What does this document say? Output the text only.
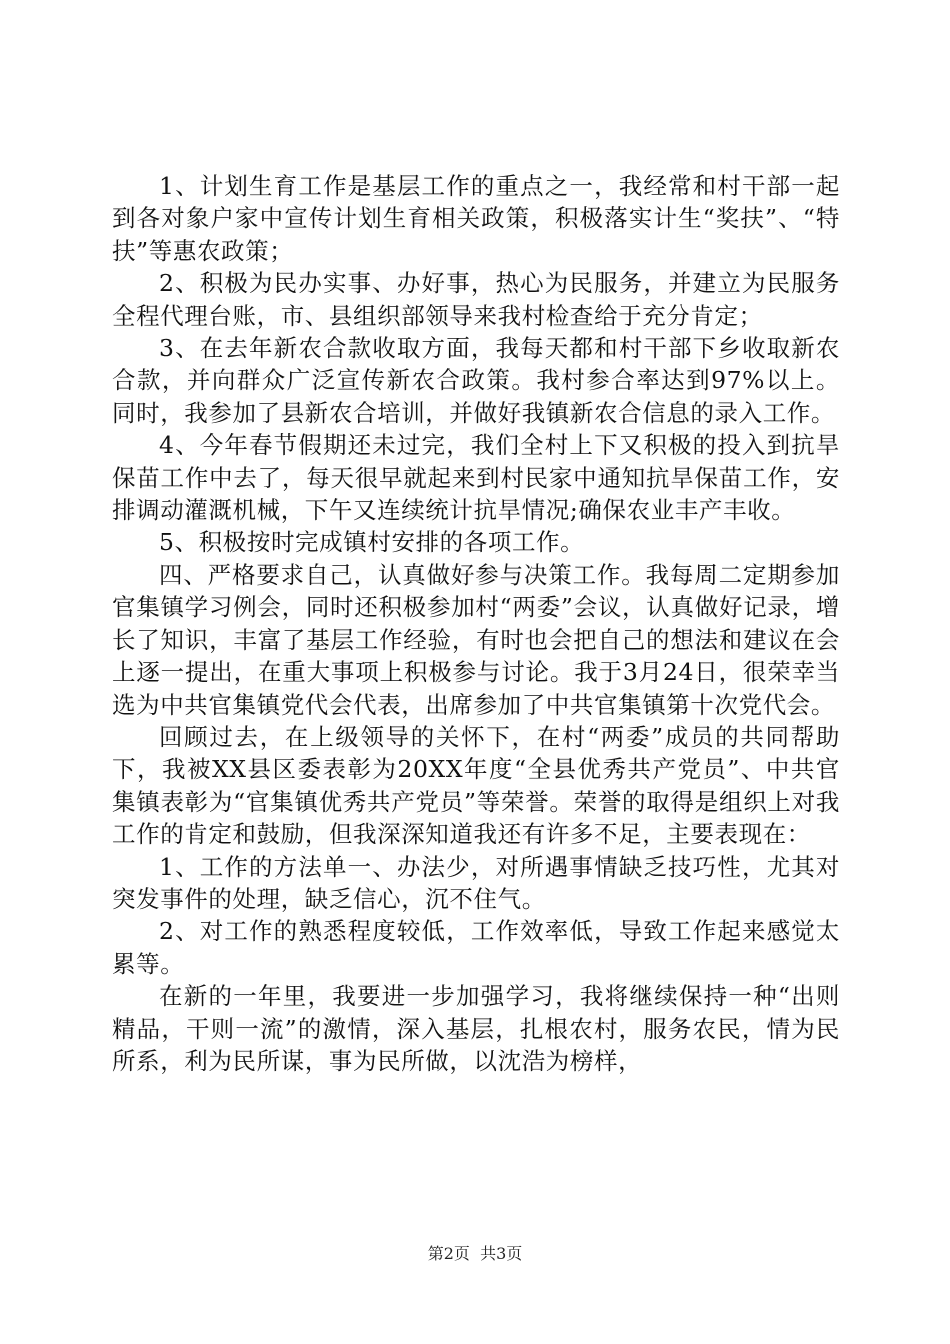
1、计划生育工作是基层工作的重点之一，我经常和村干部一起到各对象户家中宣传计划生育相关政策，积极落实计生“奖扶”、“特扶”等惠农政策；

2、积极为民办实事、办好事，热心为民服务，并建立为民服务全程代理台账，市、县组织部领导来我村检查给于充分肯定；

3、在去年新农合款收取方面，我每天都和村干部下乡收取新农合款，并向群众广泛宣传新农合政策。我村参合率达到97%以上。同时，我参加了县新农合培训，并做好我镇新农合信息的录入工作。

4、今年春节假期还未过完，我们全村上下又积极的投入到抗旱保苗工作中去了，每天很早就起来到村民家中通知抗旱保苗工作，安排调动灌溉机械，下午又连续统计抗旱情况;确保农业丰产丰收。

5、积极按时完成镇村安排的各项工作。

四、严格要求自己，认真做好参与决策工作。我每周二定期参加官集镇学习例会，同时还积极参加村“两委”会议，认真做好记录，增长了知识，丰富了基层工作经验，有时也会把自己的想法和建议在会上逐一提出，在重大事项上积极参与讨论。我于3月24日，很荣幸当选为中共官集镇党代会代表，出席参加了中共官集镇第十次党代会。

回顾过去，在上级领导的关怀下，在村“两委”成员的共同帮助下，我被XX县区委表彰为20XX年度“全县优秀共产党员”、中共官集镇表彰为“官集镇优秀共产党员”等荣誉。荣誉的取得是组织上对我工作的肯定和鼓励，但我深深知道我还有许多不足，主要表现在：

1、工作的方法单一、办法少，对所遇事情缺乏技巧性，尤其对突发事件的处理，缺乏信心，沉不住气。

2、对工作的熟悉程度较低，工作效率低，导致工作起来感觉太累等。

在新的一年里，我要进一步加强学习，我将继续保持一种“出则精品，干则一流”的激情，深入基层，扎根农村，服务农民，情为民所系，利为民所谋，事为民所做，以沈浩为榜样，

第2页 共3页
